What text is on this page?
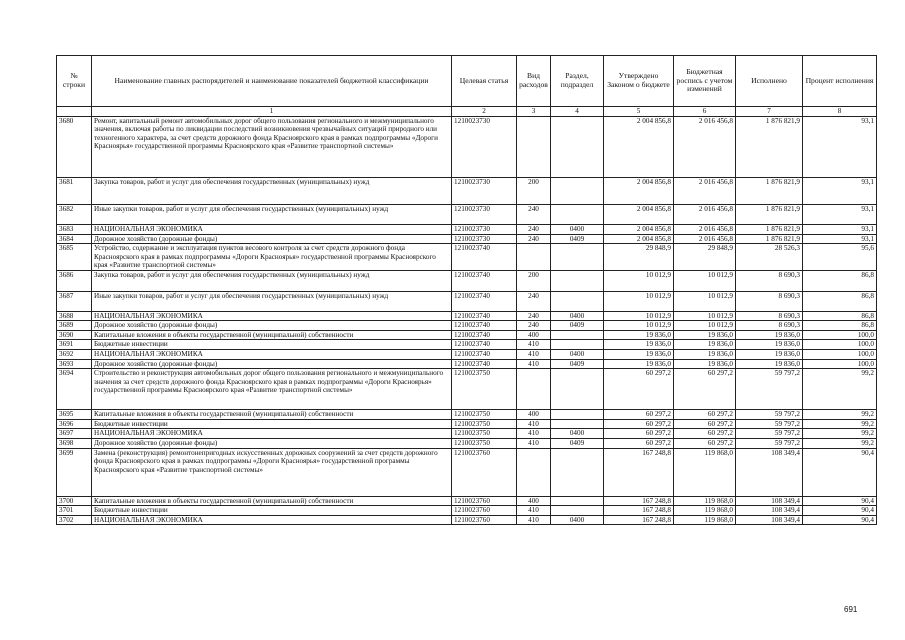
№ строки	Наименование главных распорядителей и наименование показателей бюджетной классификации	Целевая статья	Вид расходов	Раздел, подраздел	Утверждено Законом о бюджете	Бюджетная роспись с учетом изменений	Исполнено	Процент исполнения
	1	2	3	4	5	6	7	8
3680	Ремонт, капитальный ремонт автомобильных дорог общего пользования регионального и межмуниципального значения, включая работы по ликвидации последствий возникновения чрезвычайных ситуаций природного или техногенного характера, за счет средств дорожного фонда Красноярского края в рамках подпрограммы «Дороги Красноярья» государственной программы Красноярского края «Развитие транспортной системы»	1210023730			2 004 856,8	2 016 456,8	1 876 821,9	93,1
3681	Закупка товаров, работ и услуг для обеспечения государственных (муниципальных) нужд	1210023730	200		2 004 856,8	2 016 456,8	1 876 821,9	93,1
3682	Иные закупки товаров, работ и услуг для обеспечения государственных (муниципальных) нужд	1210023730	240		2 004 856,8	2 016 456,8	1 876 821,9	93,1
3683	НАЦИОНАЛЬНАЯ ЭКОНОМИКА	1210023730	240	0400	2 004 856,8	2 016 456,8	1 876 821,9	93,1
3684	Дорожное хозяйство (дорожные фонды)	1210023730	240	0409	2 004 856,8	2 016 456,8	1 876 821,9	93,1
3685	Устройство, содержание и эксплуатация пунктов весового контроля за счет средств дорожного фонда Красноярского края в рамках подпрограммы «Дороги Красноярья» государственной программы Красноярского края «Развитие транспортной системы»	1210023740			29 848,9	29 848,9	28 526,3	95,6
3686	Закупка товаров, работ и услуг для обеспечения государственных (муниципальных) нужд	1210023740	200		10 012,9	10 012,9	8 690,3	86,8
3687	Иные закупки товаров, работ и услуг для обеспечения государственных (муниципальных) нужд	1210023740	240		10 012,9	10 012,9	8 690,3	86,8
3688	НАЦИОНАЛЬНАЯ ЭКОНОМИКА	1210023740	240	0400	10 012,9	10 012,9	8 690,3	86,8
3689	Дорожное хозяйство (дорожные фонды)	1210023740	240	0409	10 012,9	10 012,9	8 690,3	86,8
3690	Капитальные вложения в объекты государственной (муниципальной) собственности	1210023740	400		19 836,0	19 836,0	19 836,0	100,0
3691	Бюджетные инвестиции	1210023740	410		19 836,0	19 836,0	19 836,0	100,0
3692	НАЦИОНАЛЬНАЯ ЭКОНОМИКА	1210023740	410	0400	19 836,0	19 836,0	19 836,0	100,0
3693	Дорожное хозяйство (дорожные фонды)	1210023740	410	0409	19 836,0	19 836,0	19 836,0	100,0
3694	Строительство и реконструкция автомобильных дорог общего пользования регионального и межмуниципального значения за счет средств дорожного фонда Красноярского края в рамках подпрограммы «Дороги Красноярья» государственной программы Красноярского края «Развитие транспортной системы»	1210023750			60 297,2	60 297,2	59 797,2	99,2
3695	Капитальные вложения в объекты государственной (муниципальной) собственности	1210023750	400		60 297,2	60 297,2	59 797,2	99,2
3696	Бюджетные инвестиции	1210023750	410		60 297,2	60 297,2	59 797,2	99,2
3697	НАЦИОНАЛЬНАЯ ЭКОНОМИКА	1210023750	410	0400	60 297,2	60 297,2	59 797,2	99,2
3698	Дорожное хозяйство (дорожные фонды)	1210023750	410	0409	60 297,2	60 297,2	59 797,2	99,2
3699	Замена (реконструкция) ремонтонепригодных искусственных дорожных сооружений за счет средств дорожного фонда Красноярского края в рамках подпрограммы «Дороги Красноярья» государственной программы Красноярского края «Развитие транспортной системы»	1210023760			167 248,8	119 868,0	108 349,4	90,4
3700	Капитальные вложения в объекты государственной (муниципальной) собственности	1210023760	400		167 248,8	119 868,0	108 349,4	90,4
3701	Бюджетные инвестиции	1210023760	410		167 248,8	119 868,0	108 349,4	90,4
3702	НАЦИОНАЛЬНАЯ ЭКОНОМИКА	1210023760	410	0400	167 248,8	119 868,0	108 349,4	90,4
691
